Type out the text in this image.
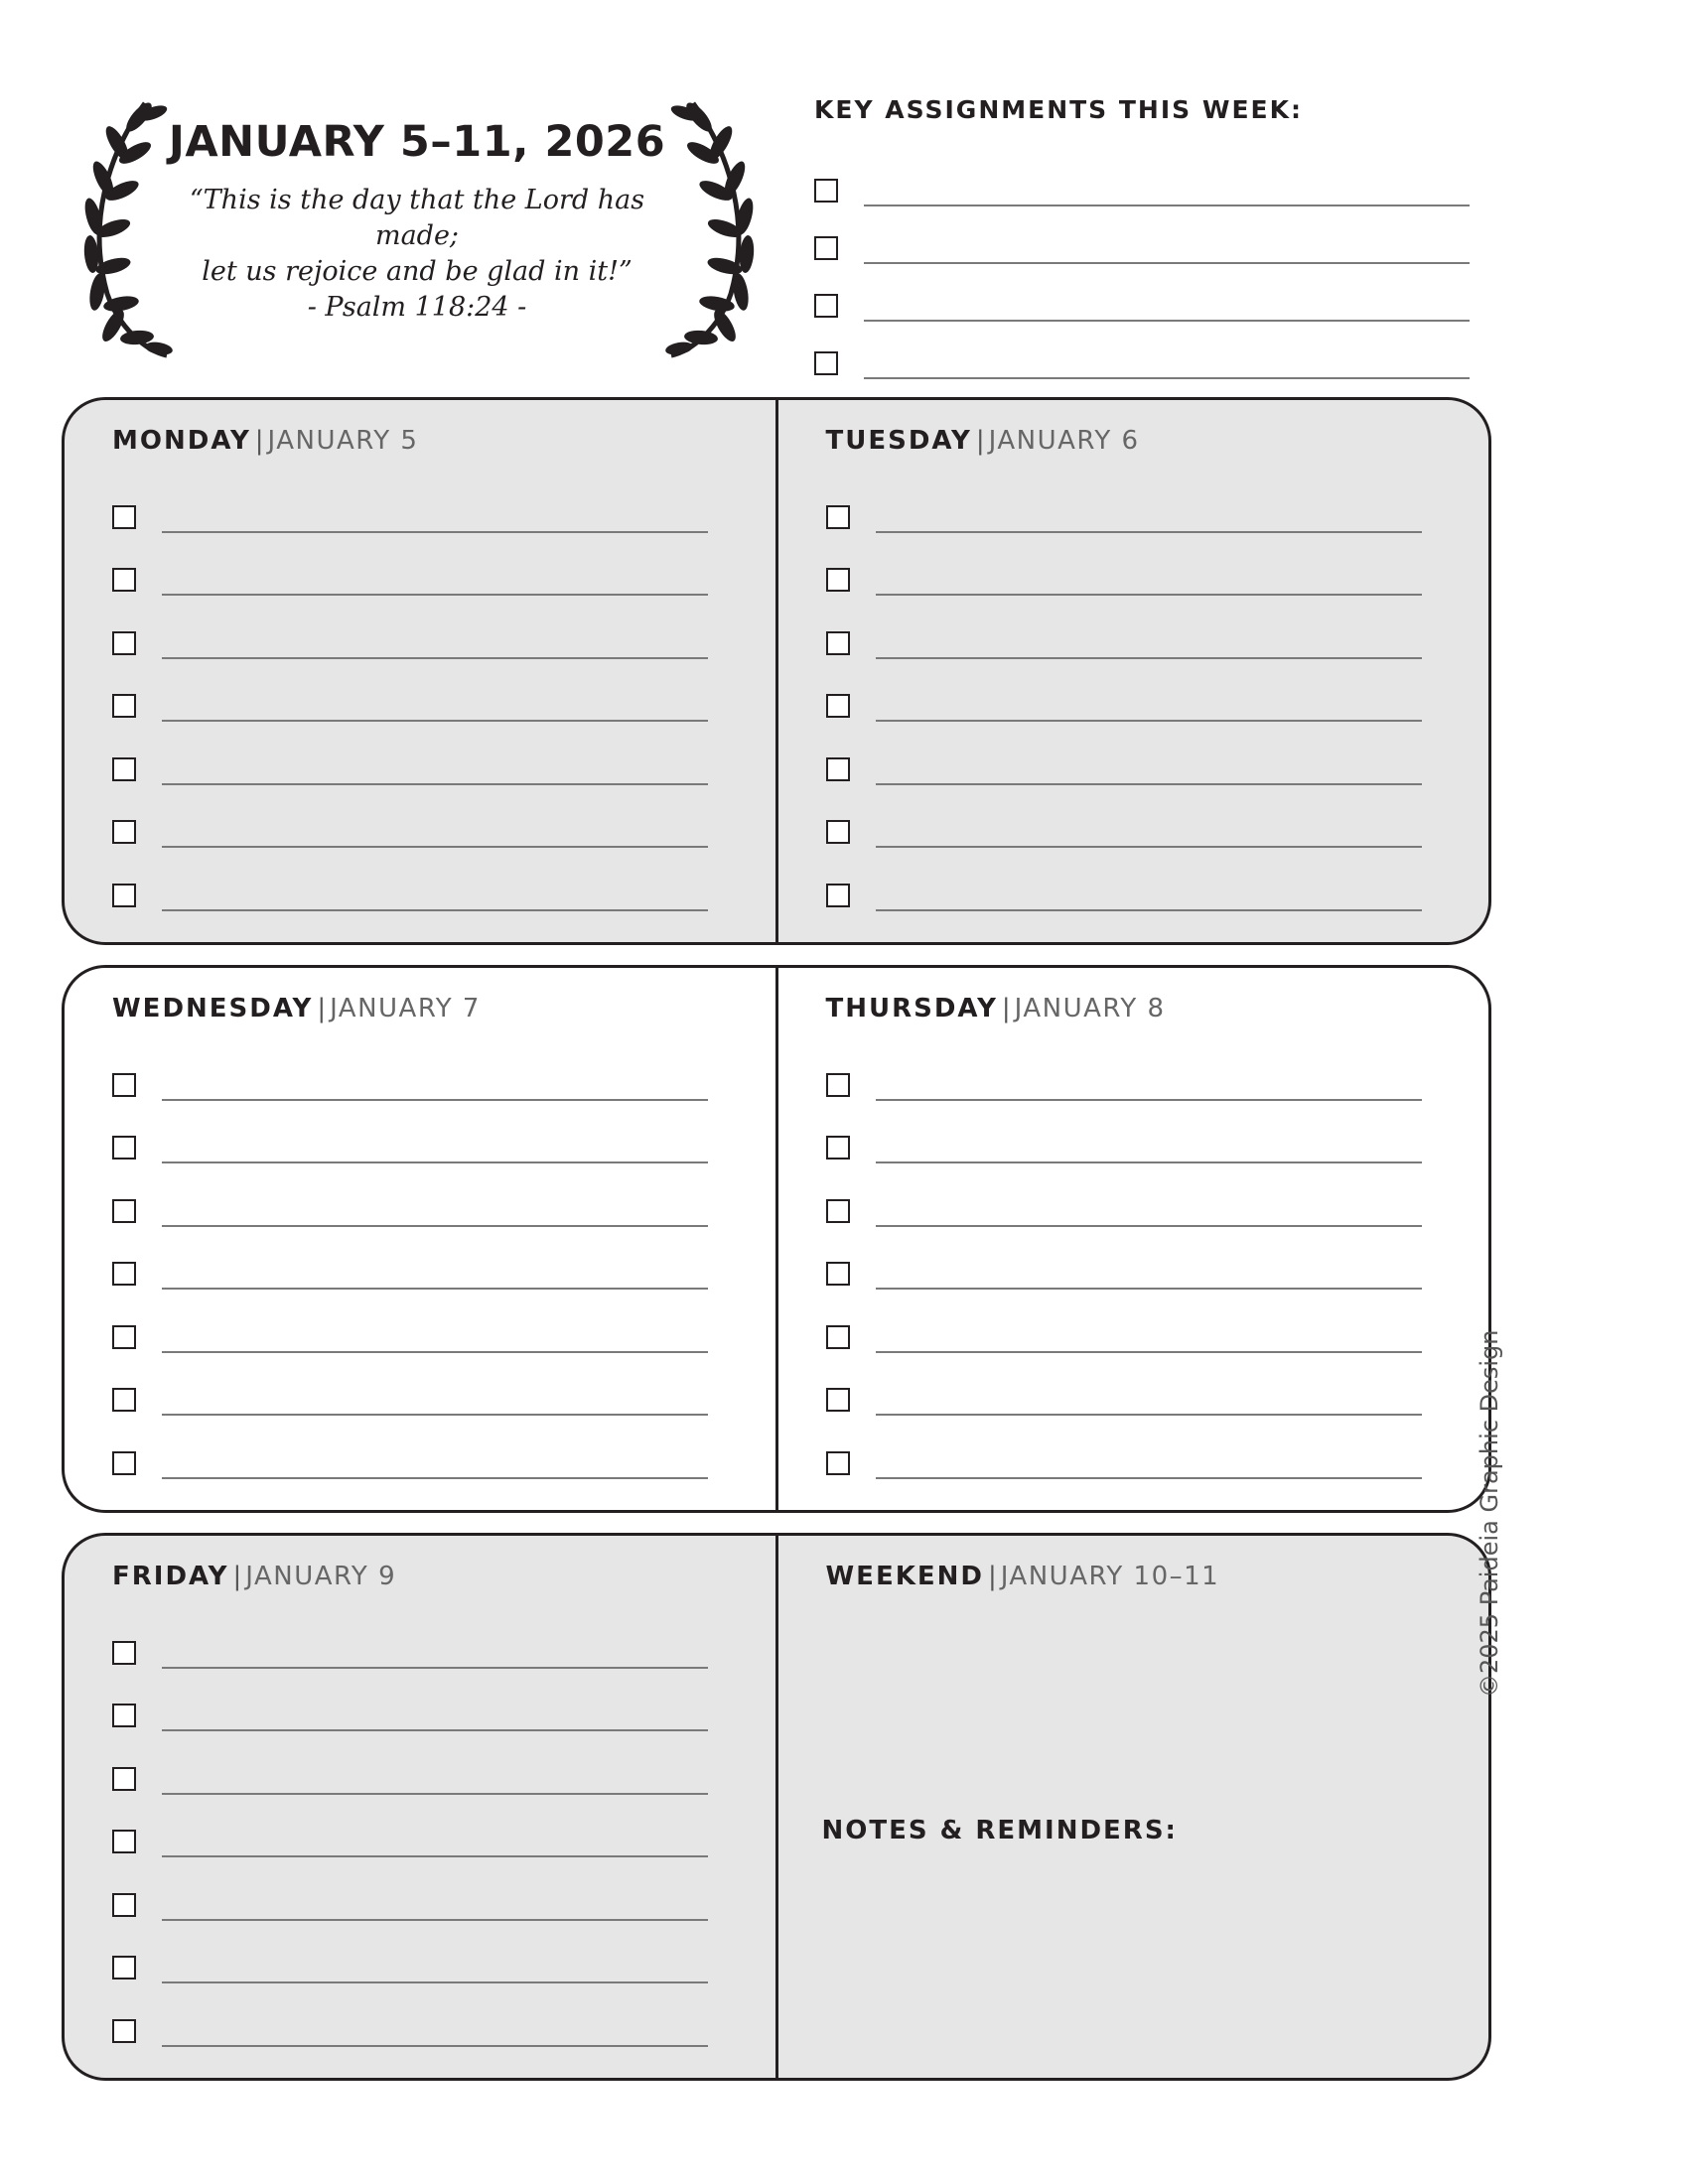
JANUARY 5–11, 2026
“This is the day that the Lord has made;
let us rejoice and be glad in it!”
- Psalm 118:24 -
KEY ASSIGNMENTS THIS WEEK:
MONDAY | JANUARY 5	TUESDAY | JANUARY 6
WEDNESDAY | JANUARY 7	THURSDAY | JANUARY 8
FRIDAY | JANUARY 9	WEEKEND | JANUARY 10–11
NOTES & REMINDERS:
©2025 Paideia Graphic Design
